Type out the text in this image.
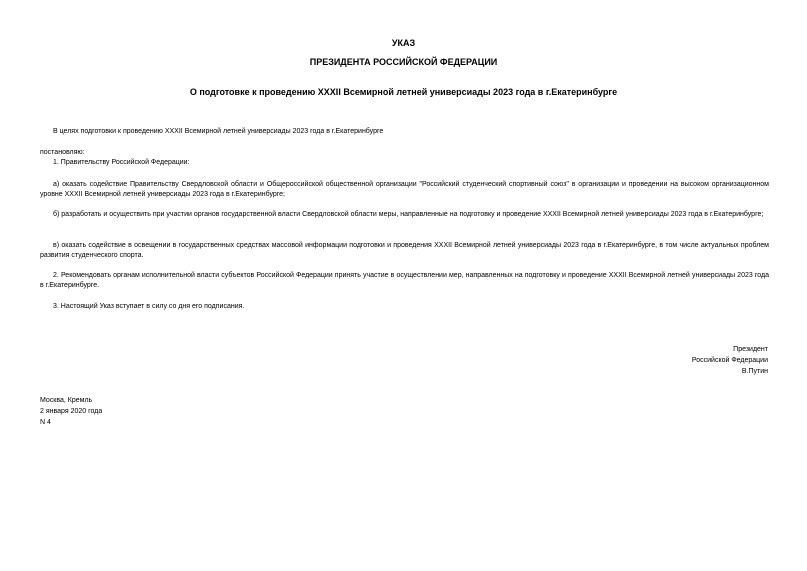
УКАЗ
ПРЕЗИДЕНТА РОССИЙСКОЙ ФЕДЕРАЦИИ
О подготовке к проведению XXXII Всемирной летней универсиады 2023 года в г.Екатеринбурге
В целях подготовки к проведению XXXII Всемирной летней универсиады 2023 года в г.Екатеринбурге
постановляю:
1. Правительству Российской Федерации:
а) оказать содействие Правительству Свердловской области и Общероссийской общественной организации "Российский студенческий спортивный союз" в организации и проведении на высоком организационном уровне XXXII Всемирной летней универсиады 2023 года в г.Екатеринбурге;
б) разработать и осуществить при участии органов государственной власти Свердловской области меры, направленные на подготовку и проведение XXXII Всемирной летней универсиады 2023 года в г.Екатеринбурге;
в) оказать содействие в освещении в государственных средствах массовой информации подготовки и проведения XXXII Всемирной летней универсиады 2023 года в г.Екатеринбурге, в том числе актуальных проблем развития студенческого спорта.
2. Рекомендовать органам исполнительной власти субъектов Российской Федерации принять участие в осуществлении мер, направленных на подготовку и проведение XXXII Всемирной летней универсиады 2023 года в г.Екатеринбурге.
3. Настоящий Указ вступает в силу со дня его подписания.
Президент
Российской Федерации
В.Путин
Москва, Кремль
2 января 2020 года
N 4
